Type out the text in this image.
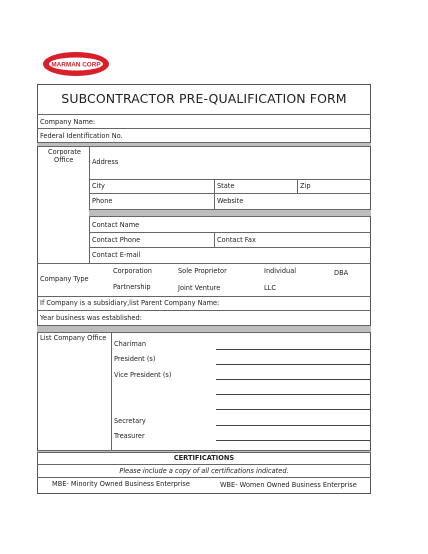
MARMAN CORP
SUBCONTRACTOR PRE-QUALIFICATION FORM
Company Name:
Federal Identification No.
Corporate
Office	Address
City	State	Zip
Phone	Website
Contact Name
Contact Phone	Contact Fax
Contact E-mail
Company Type
Corporation	Sole Proprietor	Individual	DBA
Partnership	Joint Venture	LLC
If Company is a subsidiary,list Parent Company Name:
Year business was established:
List Company Office
Chariman
President (s)
Vice President (s)
Secretary
Treasurer
CERTIFICATIONS
Please include a copy of all certifications indicated.
MBE- Minority Owned Business Enterprise	WBE- Women Owned Business Enterprise
